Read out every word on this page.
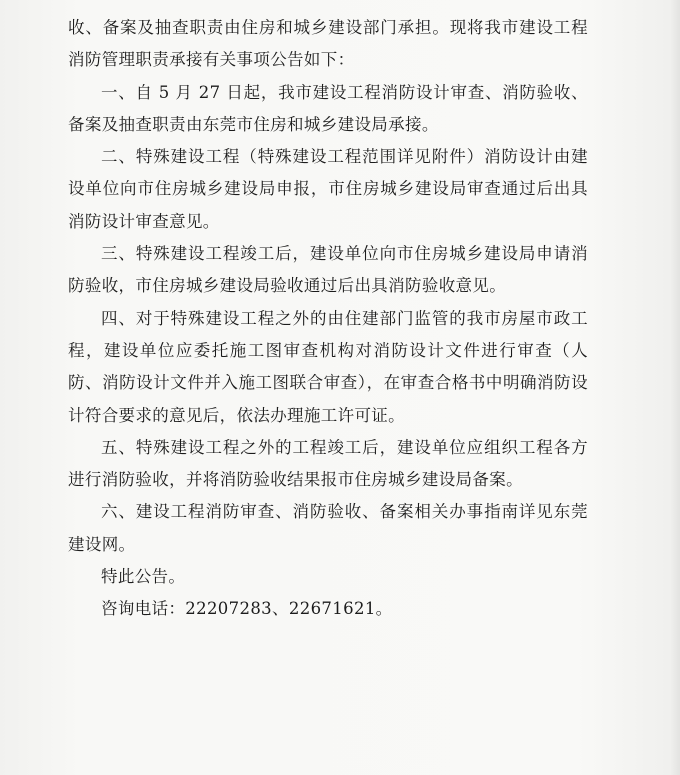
收、备案及抽查职责由住房和城乡建设部门承担。现将我市建设工程消防管理职责承接有关事项公告如下：

一、自 5 月 27 日起，我市建设工程消防设计审查、消防验收、备案及抽查职责由东莞市住房和城乡建设局承接。

二、特殊建设工程（特殊建设工程范围详见附件）消防设计由建设单位向市住房城乡建设局申报，市住房城乡建设局审查通过后出具消防设计审查意见。

三、特殊建设工程竣工后，建设单位向市住房城乡建设局申请消防验收，市住房城乡建设局验收通过后出具消防验收意见。

四、对于特殊建设工程之外的由住建部门监管的我市房屋市政工程，建设单位应委托施工图审查机构对消防设计文件进行审查（人防、消防设计文件并入施工图联合审查），在审查合格书中明确消防设计符合要求的意见后，依法办理施工许可证。

五、特殊建设工程之外的工程竣工后，建设单位应组织工程各方进行消防验收，并将消防验收结果报市住房城乡建设局备案。

六、建设工程消防审查、消防验收、备案相关办事指南详见东莞建设网。

特此公告。

咨询电话：22207283、22671621。
